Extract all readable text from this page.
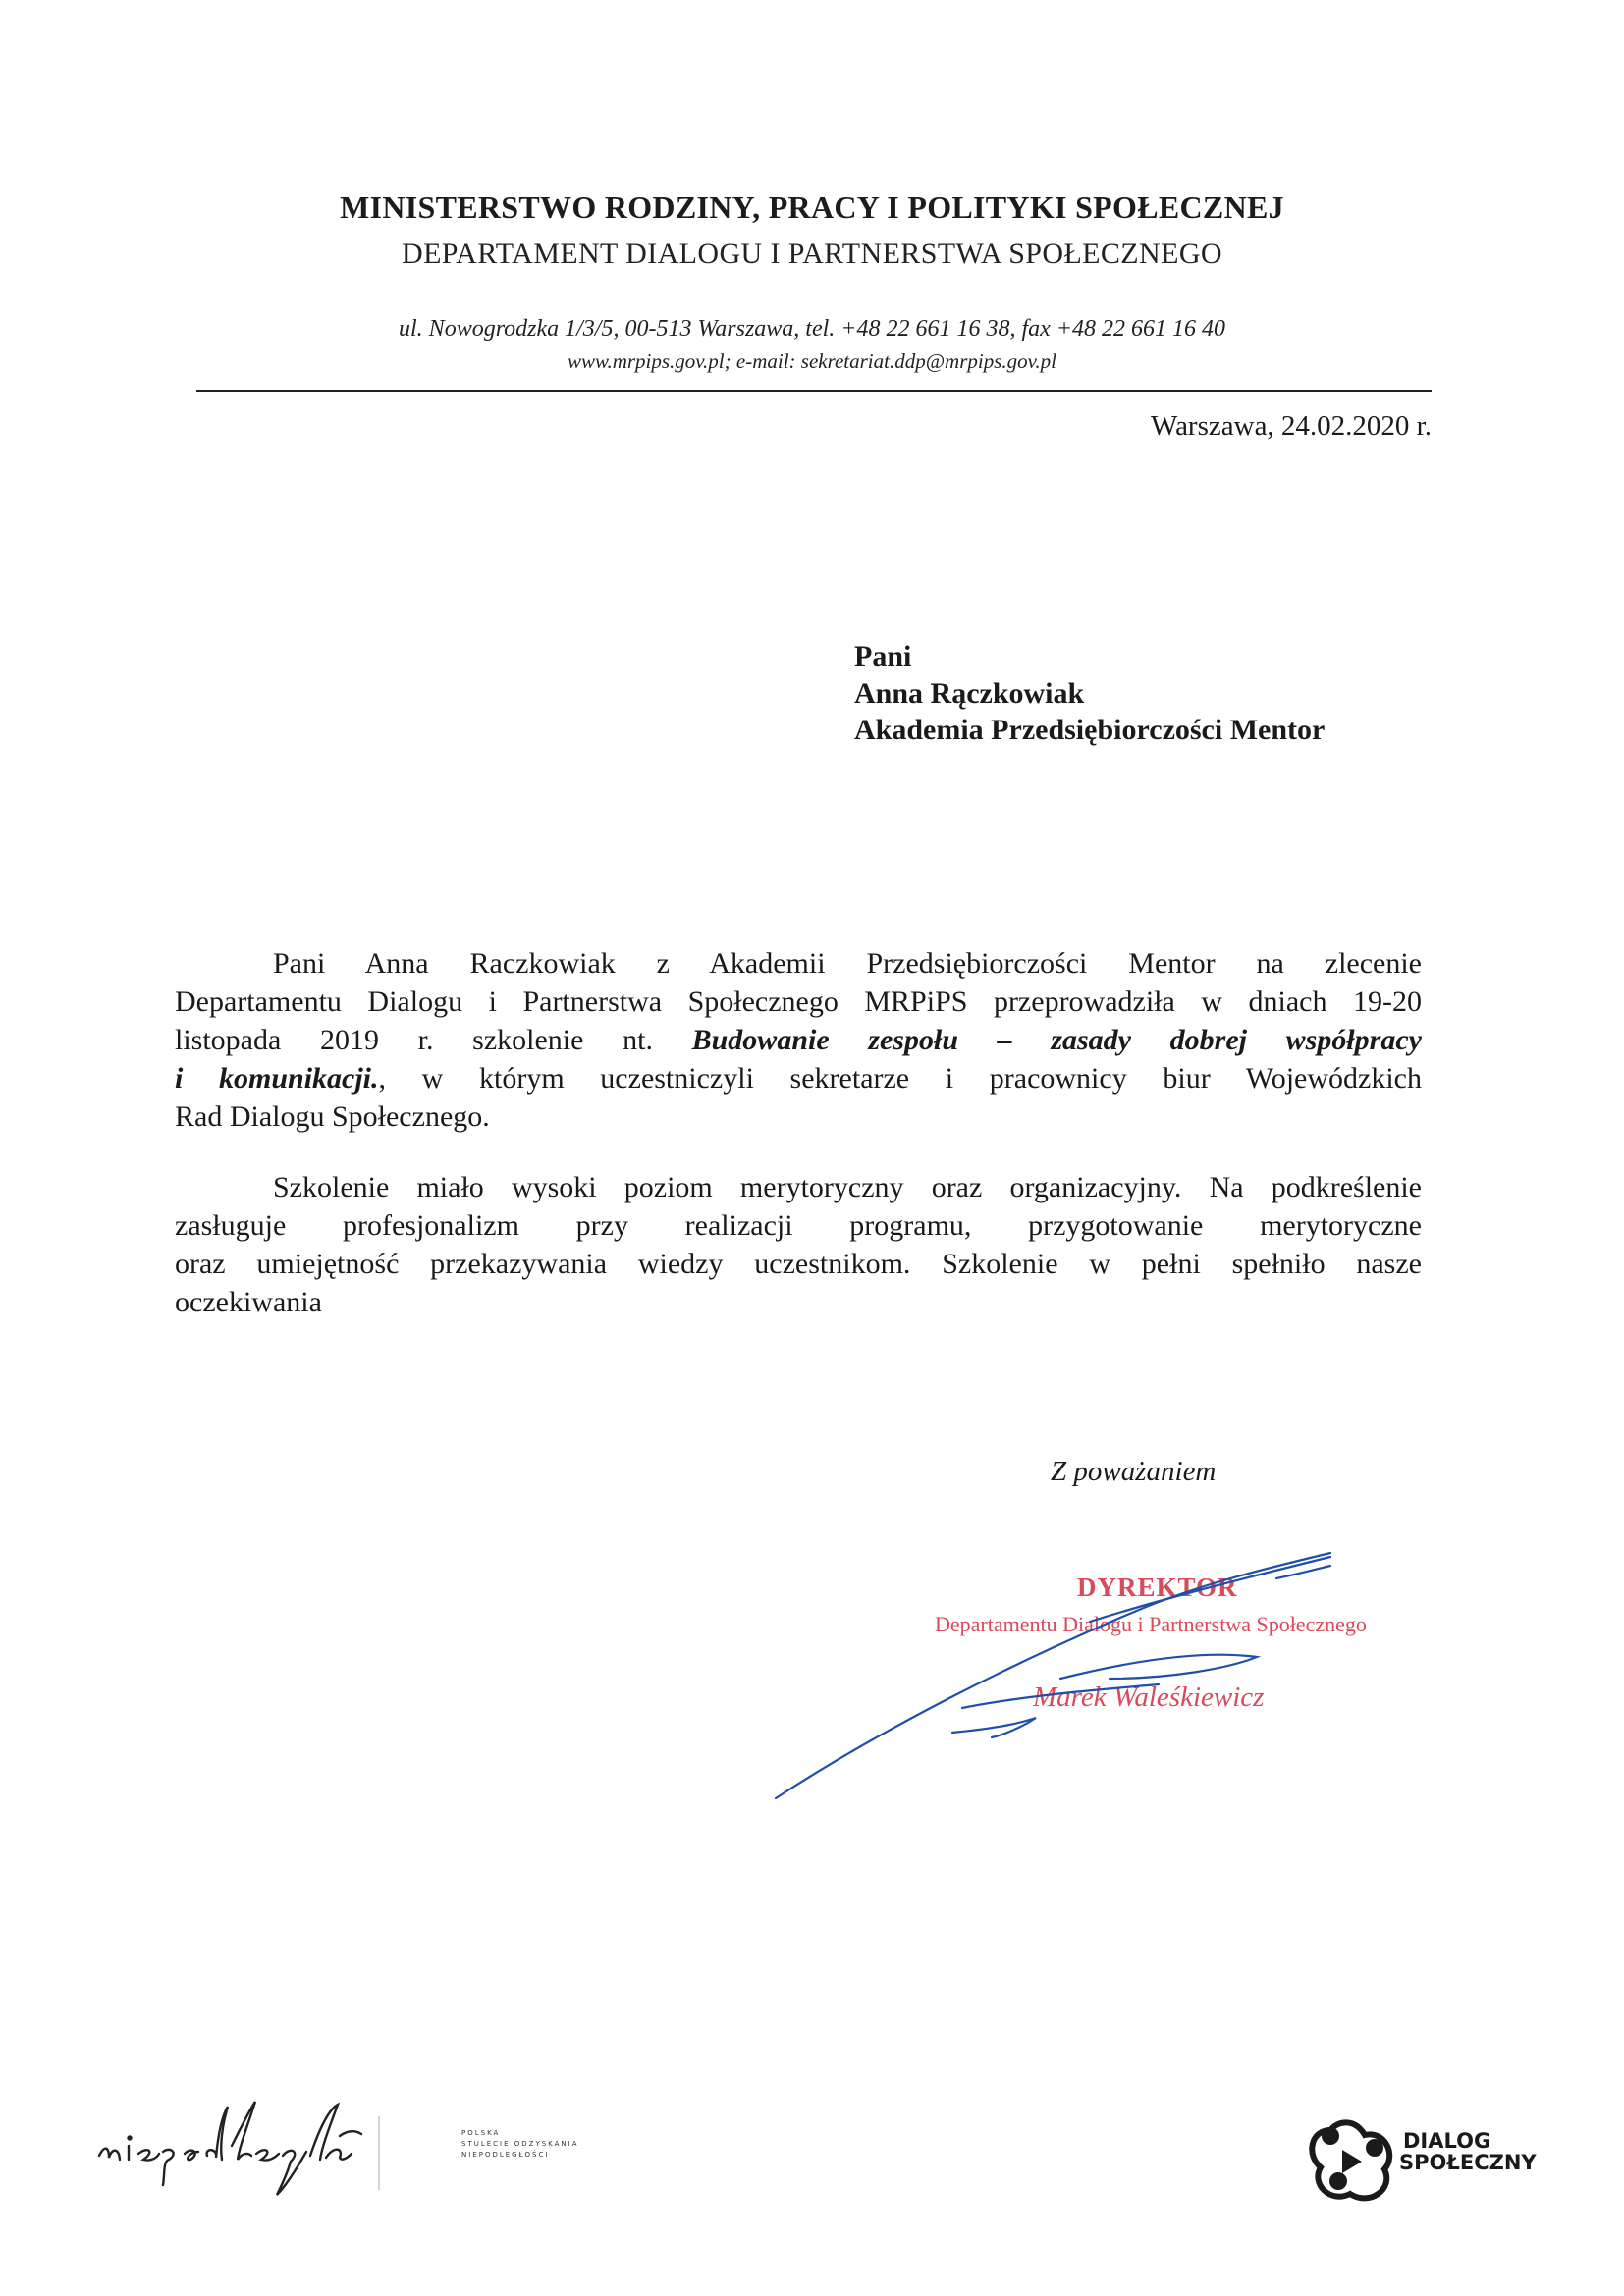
MINISTERSTWO RODZINY, PRACY I POLITYKI SPOŁECZNEJ
DEPARTAMENT DIALOGU I PARTNERSTWA SPOŁECZNEGO
ul. Nowogrodzka 1/3/5, 00-513 Warszawa, tel. +48 22 661 16 38, fax +48 22 661 16 40
www.mrpips.gov.pl; e-mail: sekretariat.ddp@mrpips.gov.pl
Warszawa, 24.02.2020 r.
Pani
Anna Rączkowiak
Akademia Przedsiębiorczości Mentor
Pani Anna Raczkowiak z Akademii Przedsiębiorczości Mentor na zlecenie
Departamentu Dialogu i Partnerstwa Społecznego MRPiPS przeprowadziła w dniach 19-20
listopada 2019 r. szkolenie nt. Budowanie zespołu – zasady dobrej współpracy
i komunikacji., w którym uczestniczyli sekretarze i pracownicy biur Wojewódzkich
Rad Dialogu Społecznego.
Szkolenie miało wysoki poziom merytoryczny oraz organizacyjny. Na podkreślenie
zasługuje profesjonalizm przy realizacji programu, przygotowanie merytoryczne
oraz umiejętność przekazywania wiedzy uczestnikom. Szkolenie w pełni spełniło nasze
oczekiwania
Z poważaniem
DYREKTOR
Departamentu Dialogu i Partnerstwa Społecznego
Marek Waleśkiewicz
POLSKA
STULECIE ODZYSKANIA
NIEPODLEGŁOŚCI
DIALOG
SPOŁECZNY
